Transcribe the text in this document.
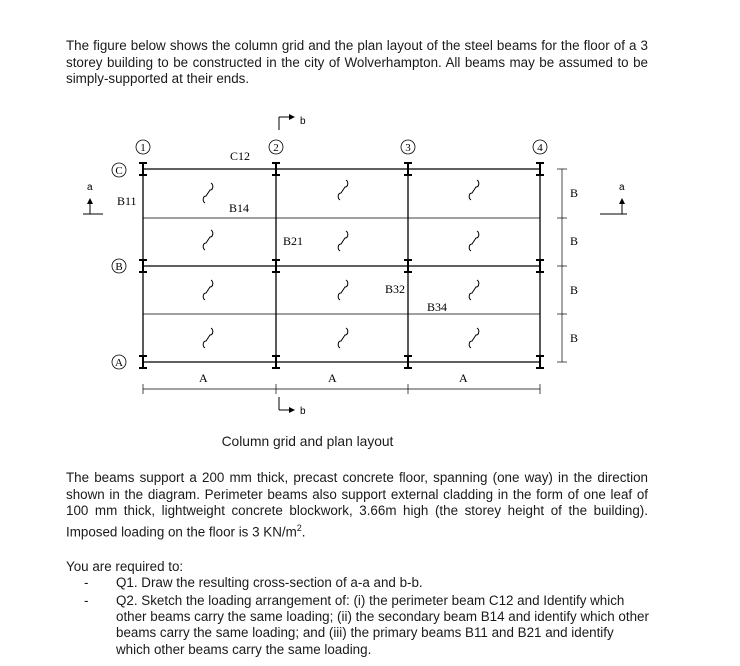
The figure below shows the column grid and the plan layout of the steel beams for the floor of a 3 storey building to be constructed in the city of Wolverhampton. All beams may be assumed to be simply-supported at their ends.

1	2	3	4
C
B
A
C12
B11	B14
B21
B32
B34
A	A	A
B
B
B
B
a	a
b
b

Column grid and plan layout

The beams support a 200 mm thick, precast concrete floor, spanning (one way) in the direction shown in the diagram. Perimeter beams also support external cladding in the form of one leaf of 100 mm thick, lightweight concrete blockwork, 3.66m high (the storey height of the building). Imposed loading on the floor is 3 $KN/m^2$.

You are required to:

- Q1. Draw the resulting cross-section of a-a and b-b.
- Q2. Sketch the loading arrangement of: (i) the perimeter beam C12 and Identify which other beams carry the same loading; (ii) the secondary beam B14 and identify which other beams carry the same loading; and (iii) the primary beams B11 and B21 and identify which other beams carry the same loading.
